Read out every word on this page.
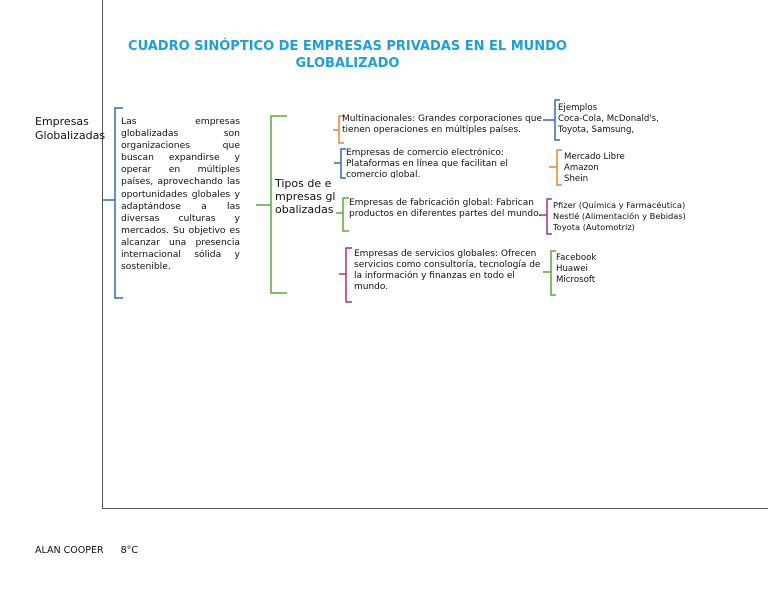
CUADRO SINÓPTICO DE EMPRESAS PRIVADAS EN EL MUNDO GLOBALIZADO
Empresas Globalizadas
Las empresas globalizadas son organizaciones que buscan expandirse y operar en múltiples países, aprovechando las oportunidades globales y adaptándose a las diversas culturas y mercados. Su objetivo es alcanzar una presencia internacional sólida y sostenible.
Tipos de empresas globalizadas
Multinacionales: Grandes corporaciones que tienen operaciones en múltiples países.
Empresas de comercio electrónico: Plataformas en línea que facilitan el comercio global.
Empresas de fabricación global: Fabrican productos en diferentes partes del mundo.
Empresas de servicios globales: Ofrecen servicios como consultoría, tecnología de la información y finanzas en todo el mundo.
Ejemplos
Coca-Cola, McDonald's,
Toyota, Samsung,
Mercado Libre
Amazon
Shein
Pfizer (Química y Farmacéutica)
Nestlé (Alimentación y Bebidas)
Toyota (Automotriz)
Facebook
Huawei
Microsoft
ALAN COOPER 8°C
